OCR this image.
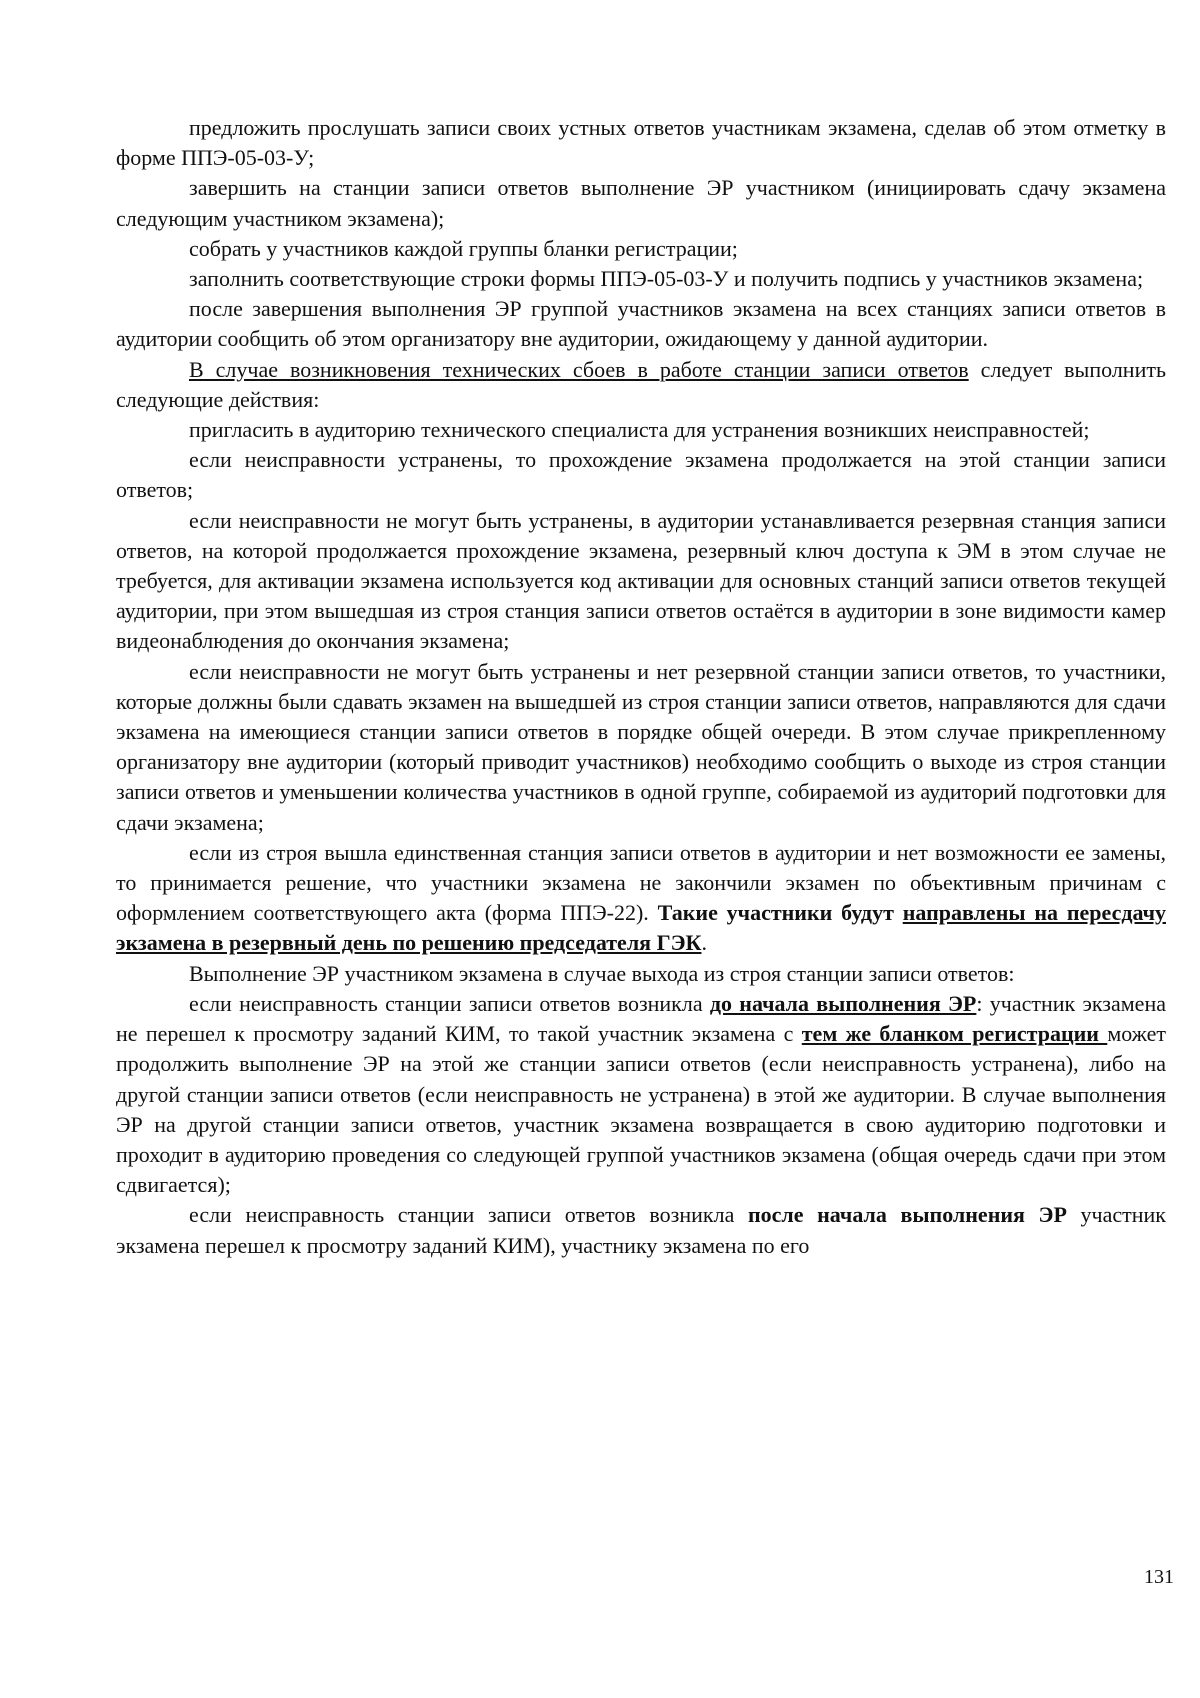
предложить прослушать записи своих устных ответов участникам экзамена, сделав об этом отметку в форме ППЭ-05-03-У;

завершить на станции записи ответов выполнение ЭР участником (инициировать сдачу экзамена следующим участником экзамена);

собрать у участников каждой группы бланки регистрации;

заполнить соответствующие строки формы ППЭ-05-03-У и получить подпись у участников экзамена;

после завершения выполнения ЭР группой участников экзамена на всех станциях записи ответов в аудитории сообщить об этом организатору вне аудитории, ожидающему у данной аудитории.

В случае возникновения технических сбоев в работе станции записи ответов следует выполнить следующие действия:

пригласить в аудиторию технического специалиста для устранения возникших неисправностей;

если неисправности устранены, то прохождение экзамена продолжается на этой станции записи ответов;

если неисправности не могут быть устранены, в аудитории устанавливается резервная станция записи ответов, на которой продолжается прохождение экзамена, резервный ключ доступа к ЭМ в этом случае не требуется, для активации экзамена используется код активации для основных станций записи ответов текущей аудитории, при этом вышедшая из строя станция записи ответов остаётся в аудитории в зоне видимости камер видеонаблюдения до окончания экзамена;

если неисправности не могут быть устранены и нет резервной станции записи ответов, то участники, которые должны были сдавать экзамен на вышедшей из строя станции записи ответов, направляются для сдачи экзамена на имеющиеся станции записи ответов в порядке общей очереди. В этом случае прикрепленному организатору вне аудитории (который приводит участников) необходимо сообщить о выходе из строя станции записи ответов и уменьшении количества участников в одной группе, собираемой из аудиторий подготовки для сдачи экзамена;

если из строя вышла единственная станция записи ответов в аудитории и нет возможности ее замены, то принимается решение, что участники экзамена не закончили экзамен по объективным причинам с оформлением соответствующего акта (форма ППЭ-22). Такие участники будут направлены на пересдачу экзамена в резервный день по решению председателя ГЭК.

Выполнение ЭР участником экзамена в случае выхода из строя станции записи ответов:

если неисправность станции записи ответов возникла до начала выполнения ЭР: участник экзамена не перешел к просмотру заданий КИМ, то такой участник экзамена с тем же бланком регистрации может продолжить выполнение ЭР на этой же станции записи ответов (если неисправность устранена), либо на другой станции записи ответов (если неисправность не устранена) в этой же аудитории. В случае выполнения ЭР на другой станции записи ответов, участник экзамена возвращается в свою аудиторию подготовки и проходит в аудиторию проведения со следующей группой участников экзамена (общая очередь сдачи при этом сдвигается);

если неисправность станции записи ответов возникла после начала выполнения ЭР участник экзамена перешел к просмотру заданий КИМ), участнику экзамена по его

131
